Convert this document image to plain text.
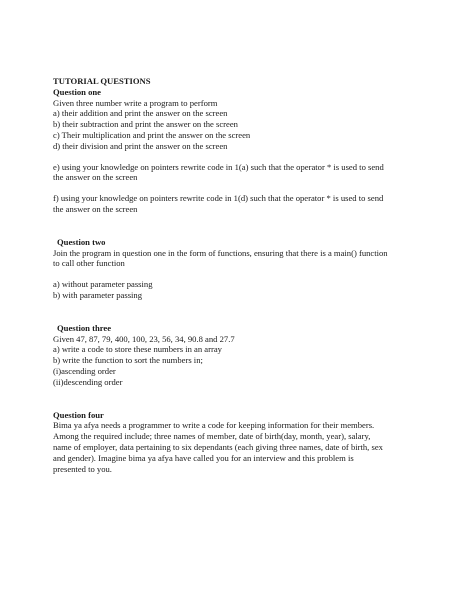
TUTORIAL QUESTIONS
Question one
Given three number write a program to perform
a) their addition and print the answer on the screen
b) their subtraction and print the answer on the screen
c) Their multiplication and print the answer on the screen
d) their division and print the answer on the screen
e) using your knowledge on pointers rewrite code in 1(a) such that the operator * is used to send
the answer on the screen
f) using your knowledge on pointers rewrite code in 1(d) such that the operator * is used to send
the answer on the screen
Question two
Join the program in question one in the form of functions, ensuring that there is a main() function
to call other function
a) without parameter passing
b) with parameter passing
Question three
Given 47, 87, 79, 400, 100, 23, 56, 34, 90.8 and 27.7
a) write a code to store these numbers in an array
b) write the function to sort the numbers in;
(i)ascending order
(ii)descending order
Question four
Bima ya afya needs a programmer to write a code for keeping information for their members.
Among the required include; three names of member, date of birth(day, month, year), salary,
name of employer, data pertaining to six dependants (each giving three names, date of birth, sex
and gender). Imagine bima ya afya have called you for an interview and this problem is
presented to you.
